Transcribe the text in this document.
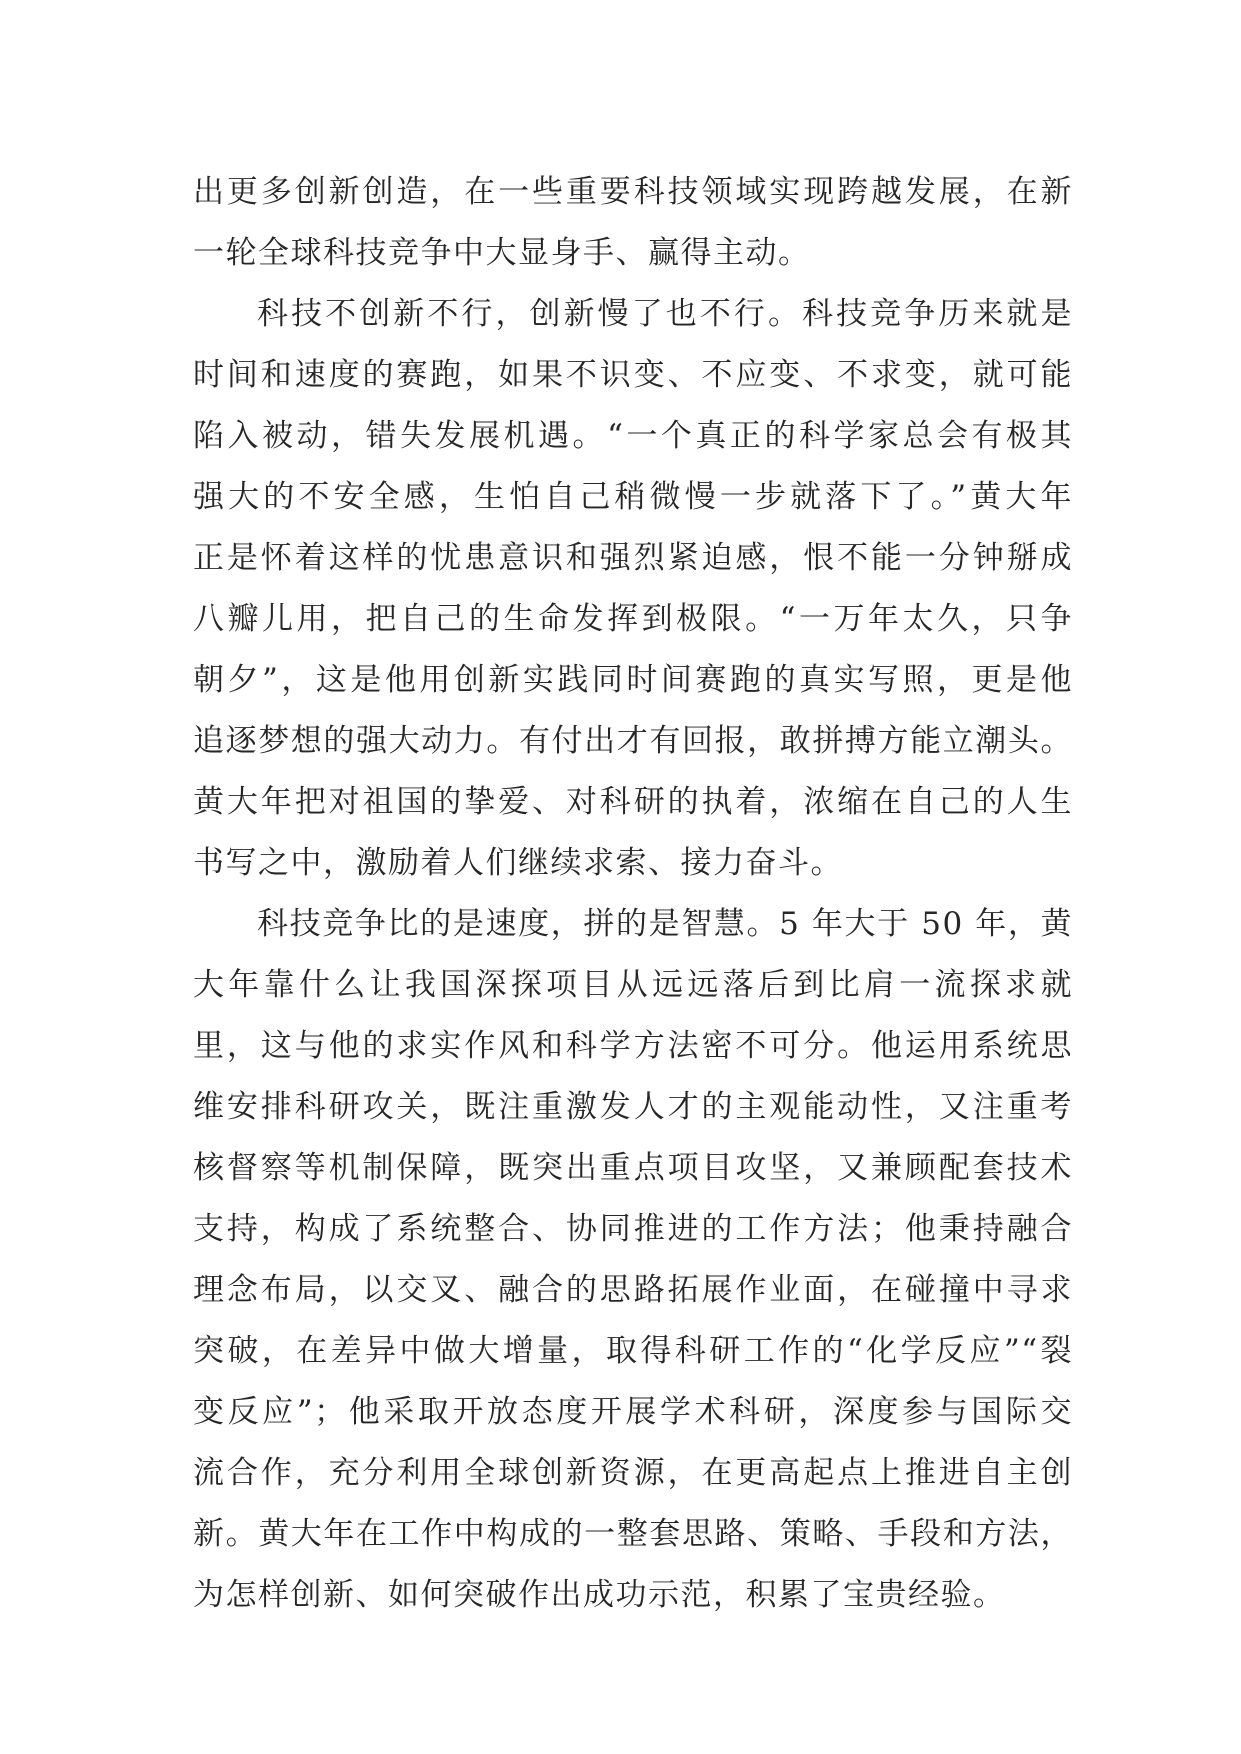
出更多创新创造，在一些重要科技领域实现跨越发展，在新
一轮全球科技竞争中大显身手、赢得主动。
科技不创新不行，创新慢了也不行。科技竞争历来就是
时间和速度的赛跑，如果不识变、不应变、不求变，就可能
陷入被动，错失发展机遇。“一个真正的科学家总会有极其
强大的不安全感，生怕自己稍微慢一步就落下了。”黄大年
正是怀着这样的忧患意识和强烈紧迫感，恨不能一分钟掰成
八瓣儿用，把自己的生命发挥到极限。“一万年太久，只争
朝夕”，这是他用创新实践同时间赛跑的真实写照，更是他
追逐梦想的强大动力。有付出才有回报，敢拼搏方能立潮头。
黄大年把对祖国的挚爱、对科研的执着，浓缩在自己的人生
书写之中，激励着人们继续求索、接力奋斗。
科技竞争比的是速度，拼的是智慧。5 年大于 50 年，黄
大年靠什么让我国深探项目从远远落后到比肩一流探求就
里，这与他的求实作风和科学方法密不可分。他运用系统思
维安排科研攻关，既注重激发人才的主观能动性，又注重考
核督察等机制保障，既突出重点项目攻坚，又兼顾配套技术
支持，构成了系统整合、协同推进的工作方法；他秉持融合
理念布局，以交叉、融合的思路拓展作业面，在碰撞中寻求
突破，在差异中做大增量，取得科研工作的“化学反应”“裂
变反应”；他采取开放态度开展学术科研，深度参与国际交
流合作，充分利用全球创新资源，在更高起点上推进自主创
新。黄大年在工作中构成的一整套思路、策略、手段和方法，
为怎样创新、如何突破作出成功示范，积累了宝贵经验。
